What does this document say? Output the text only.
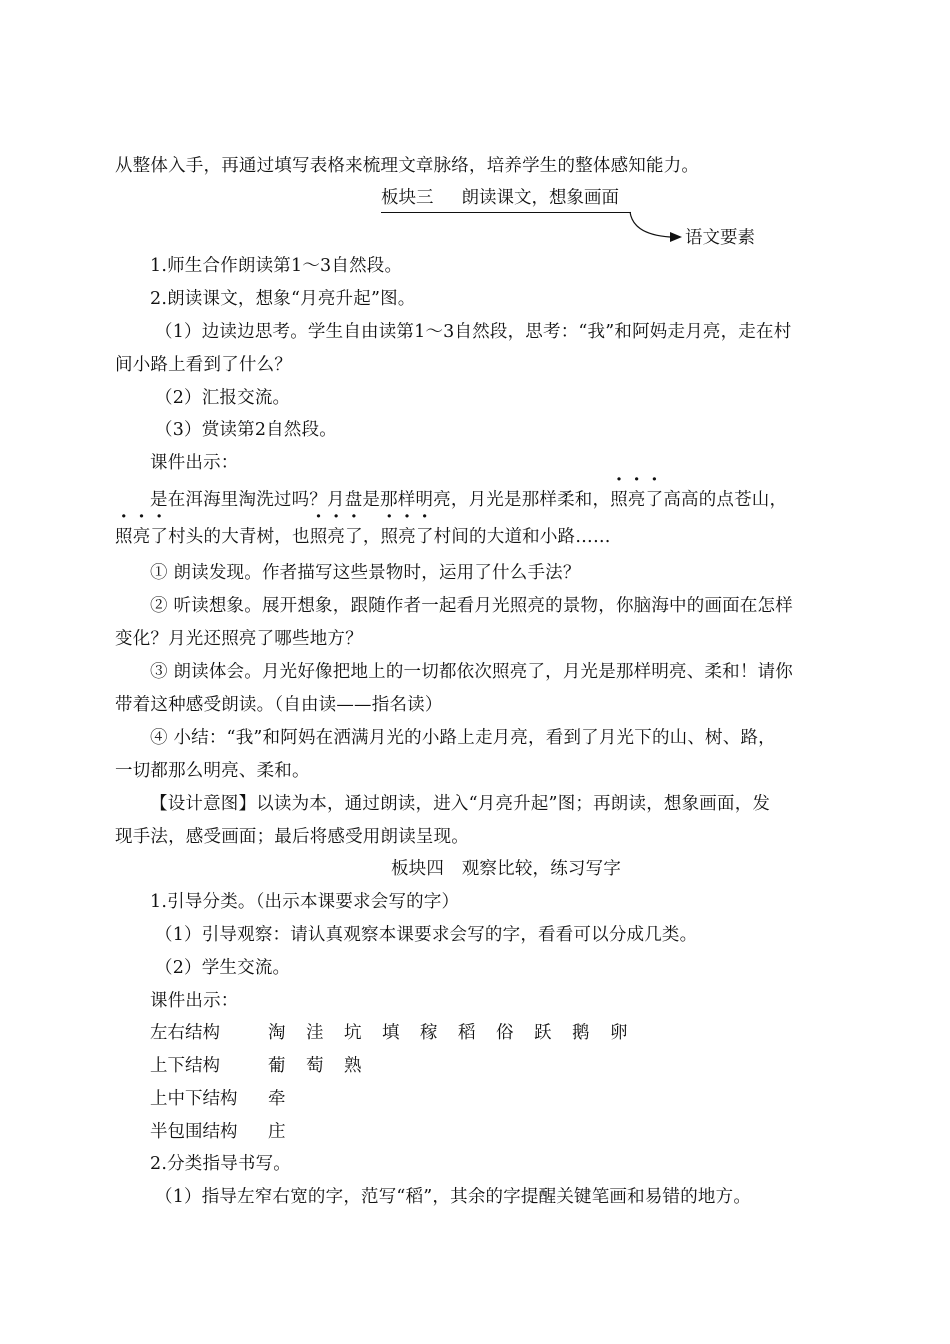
从整体入手，再通过填写表格来梳理文章脉络，培养学生的整体感知能力。
板块三 朗读课文，想象画面
语文要素
1.师生合作朗读第1～3自然段。
2.朗读课文，想象“月亮升起”图。
（1）边读边思考。学生自由读第1～3自然段，思考：“我”和阿妈走月亮，走在村
间小路上看到了什么？
（2）汇报交流。
（3）赏读第2自然段。
课件出示：
是在洱海里淘洗过吗？月盘是那样明亮，月光是那样柔和，照亮了高高的点苍山，
照亮了村头的大青树，也照亮了，照亮了村间的大道和小路……
① 朗读发现。作者描写这些景物时，运用了什么手法？
② 听读想象。展开想象，跟随作者一起看月光照亮的景物，你脑海中的画面在怎样
变化？月光还照亮了哪些地方？
③ 朗读体会。月光好像把地上的一切都依次照亮了，月光是那样明亮、柔和！请你
带着这种感受朗读。（自由读——指名读）
④ 小结：“我”和阿妈在洒满月光的小路上走月亮，看到了月光下的山、树、路，
一切都那么明亮、柔和。
【设计意图】以读为本，通过朗读，进入“月亮升起”图；再朗读，想象画面，发
现手法，感受画面；最后将感受用朗读呈现。
板块四　观察比较，练习写字
1.引导分类。（出示本课要求会写的字）
（1）引导观察：请认真观察本课要求会写的字，看看可以分成几类。
（2）学生交流。
课件出示：
左右结构	淘 洼 坑 填 稼 稻 俗 跃 鹅 卵
上下结构	葡 萄 熟
上中下结构 牵
半包围结构 庄
2.分类指导书写。
（1）指导左窄右宽的字，范写“稻”，其余的字提醒关键笔画和易错的地方。
